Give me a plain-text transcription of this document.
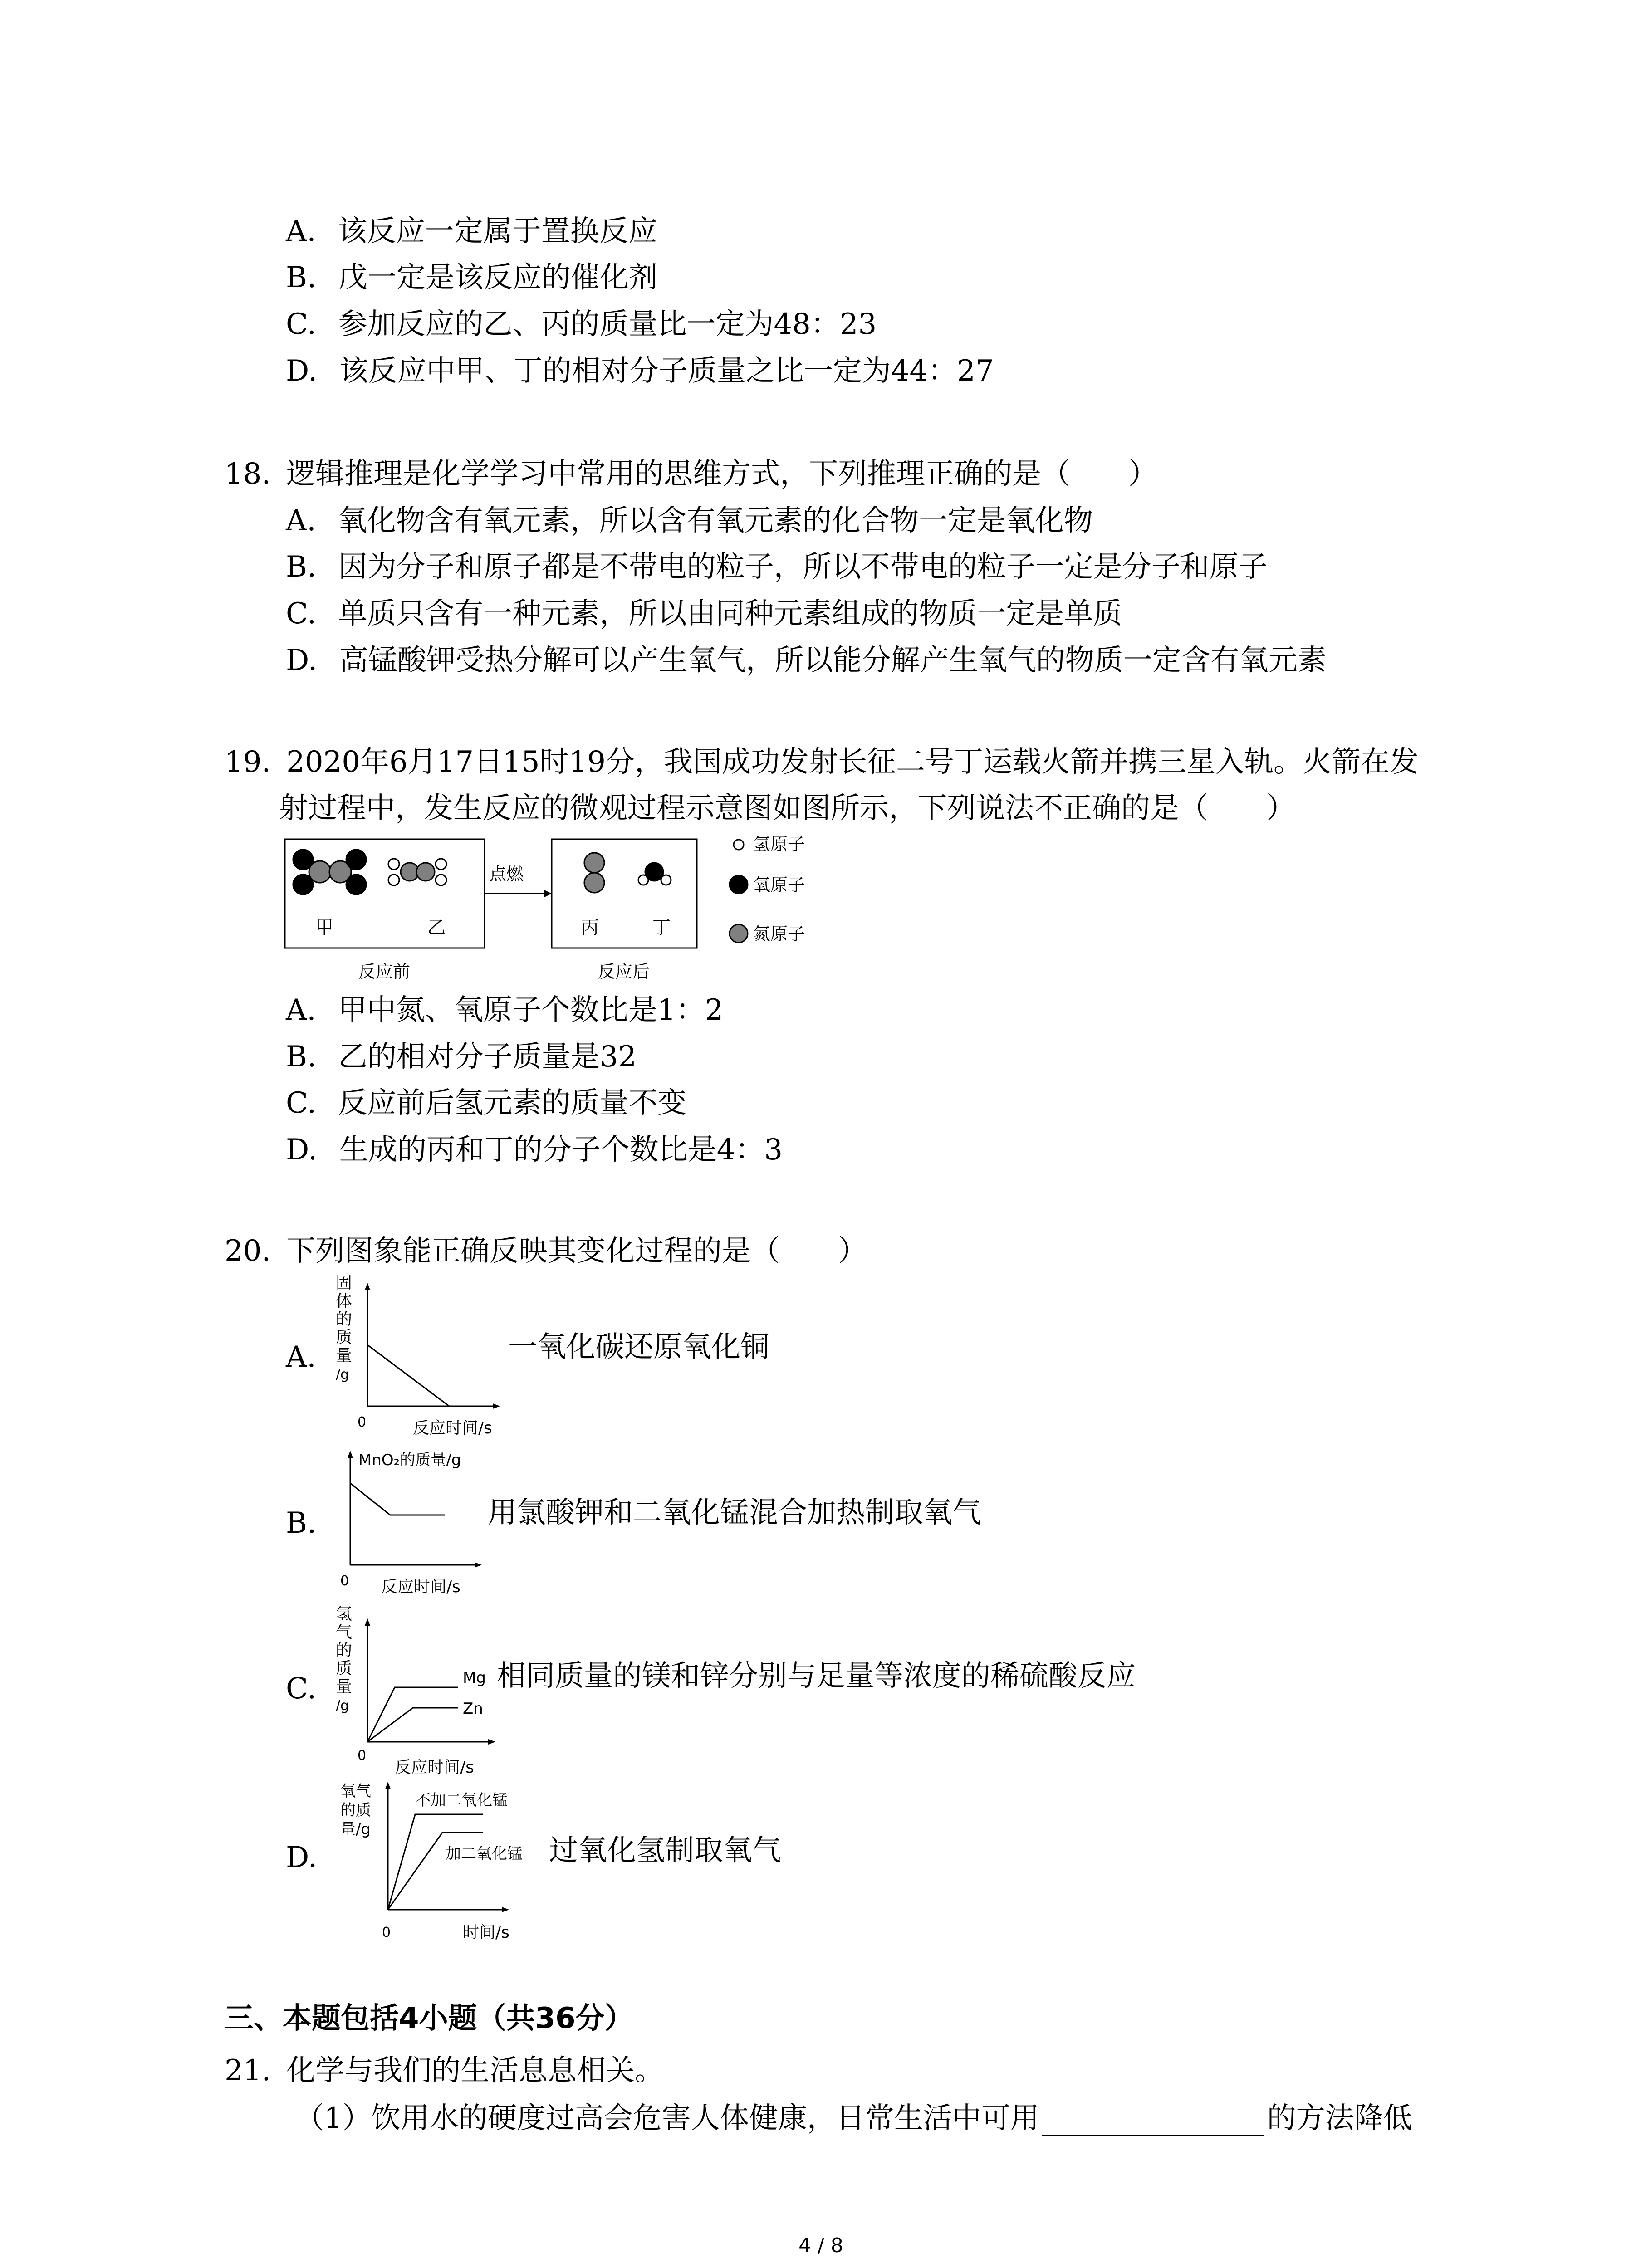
A. 该反应一定属于置换反应
B. 戊一定是该反应的催化剂
C. 参加反应的乙、丙的质量比一定为48：23
D. 该反应中甲、丁的相对分子质量之比一定为44：27
18. 逻辑推理是化学学习中常用的思维方式，下列推理正确的是（　　）
A. 氧化物含有氧元素，所以含有氧元素的化合物一定是氧化物
B. 因为分子和原子都是不带电的粒子，所以不带电的粒子一定是分子和原子
C. 单质只含有一种元素，所以由同种元素组成的物质一定是单质
D. 高锰酸钾受热分解可以产生氧气，所以能分解产生氧气的物质一定含有氧元素
19. 2020年6月17日15时19分，我国成功发射长征二号丁运载火箭并携三星入轨。火箭在发
射过程中，发生反应的微观过程示意图如图所示，下列说法不正确的是（　　）
甲	乙
点燃
丙	丁
反应前	反应后
氢原子
氧原子
氮原子
A. 甲中氮、氧原子个数比是1：2
B. 乙的相对分子质量是32
C. 反应前后氢元素的质量不变
D. 生成的丙和丁的分子个数比是4：3
20. 下列图象能正确反映其变化过程的是（　　）
A.
固
体
的
质
量
/g
0	反应时间/s
一氧化碳还原氧化铜
B.
MnO₂的质量/g
0 反应时间/s
用氯酸钾和二氧化锰混合加热制取氧气
C.
氢
气
的
质
量
/g
Mg
Zn
0
反应时间/s
相同质量的镁和锌分别与足量等浓度的稀硫酸反应
D.
氧气
的质
量/g
不加二氧化锰
加二氧化锰
0	时间/s
过氧化氢制取氧气
三、本题包括4小题（共36分）
21. 化学与我们的生活息息相关。
（1）饮用水的硬度过高会危害人体健康，日常生活中可用	的方法降低
4 / 8
